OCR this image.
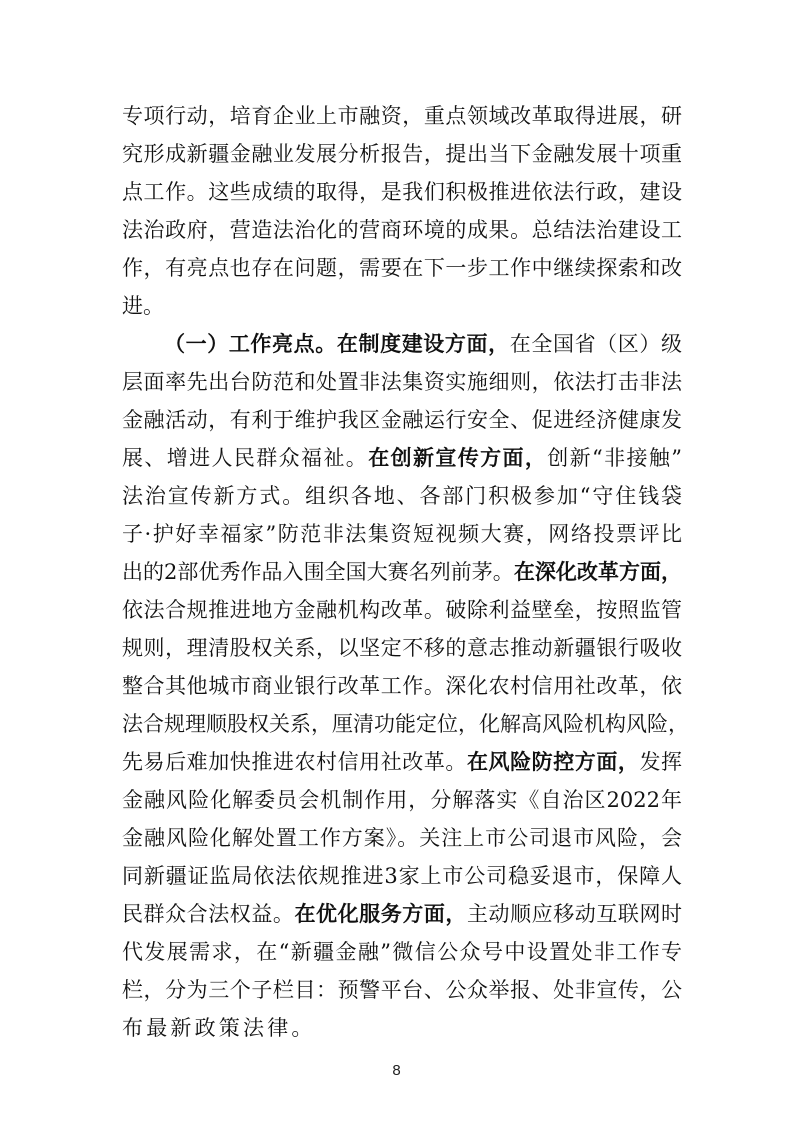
专项行动，培育企业上市融资，重点领域改革取得进展，研
究形成新疆金融业发展分析报告，提出当下金融发展十项重
点工作。这些成绩的取得，是我们积极推进依法行政，建设
法治政府，营造法治化的营商环境的成果。总结法治建设工
作，有亮点也存在问题，需要在下一步工作中继续探索和改
进。
（一）工作亮点。在制度建设方面，在全国省（区）级
层面率先出台防范和处置非法集资实施细则，依法打击非法
金融活动，有利于维护我区金融运行安全、促进经济健康发
展、增进人民群众福祉。在创新宣传方面，创新“非接触”
法治宣传新方式。组织各地、各部门积极参加“守住钱袋
子·护好幸福家”防范非法集资短视频大赛，网络投票评比
出的2部优秀作品入围全国大赛名列前茅。在深化改革方面，
依法合规推进地方金融机构改革。破除利益壁垒，按照监管
规则，理清股权关系，以坚定不移的意志推动新疆银行吸收
整合其他城市商业银行改革工作。深化农村信用社改革，依
法合规理顺股权关系，厘清功能定位，化解高风险机构风险，
先易后难加快推进农村信用社改革。在风险防控方面，发挥
金融风险化解委员会机制作用，分解落实《自治区2022年
金融风险化解处置工作方案》。关注上市公司退市风险，会
同新疆证监局依法依规推进3家上市公司稳妥退市，保障人
民群众合法权益。在优化服务方面，主动顺应移动互联网时
代发展需求，在“新疆金融”微信公众号中设置处非工作专
栏，分为三个子栏目：预警平台、公众举报、处非宣传，公
布最新政策法律。
8
